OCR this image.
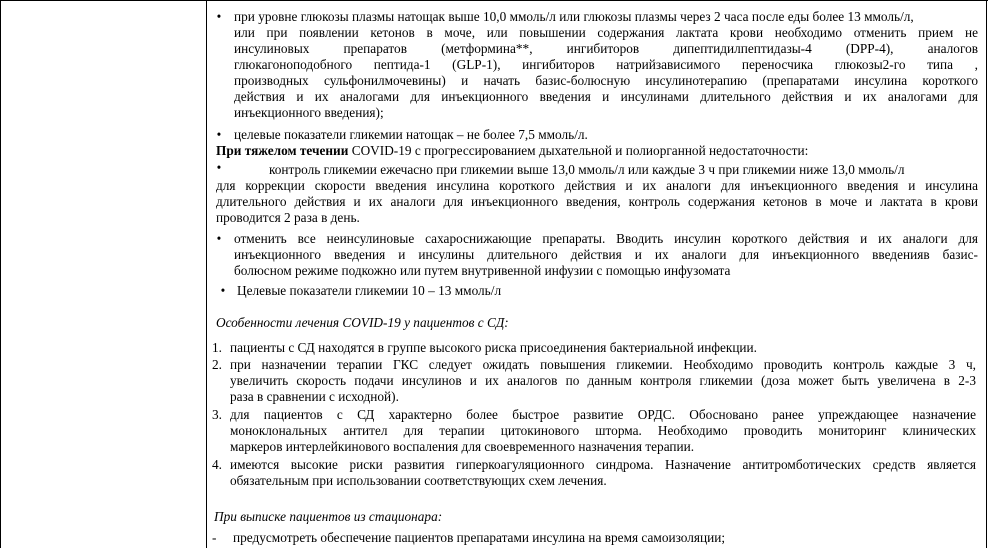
• при уровне глюкозы плазмы натощак выше 10,0 ммоль/л или глюкозы плазмы через 2 часа после еды более 13 ммоль/л,
или при появлении кетонов в моче, или повышении содержания лактата крови необходимо отменить прием не
инсулиновых препаратов (метформина**, ингибиторов дипептидилпептидазы-4 (DPP-4), аналогов
глюкагоноподобного пептида-1 (GLP-1), ингибиторов натрийзависимого переносчика глюкозы2-го типа ,
производных сульфонилмочевины) и начать базис-болюсную инсулинотерапию (препаратами инсулина короткого
действия и их аналогами для инъекционного введения и инсулинами длительного действия и их аналогами для
инъекционного введения);
• целевые показатели гликемии натощак – не более 7,5 ммоль/л.
При тяжелом течении COVID-19 с прогрессированием дыхательной и полиорганной недостаточности:
•	контроль гликемии ежечасно при гликемии выше 13,0 ммоль/л или каждые 3 ч при гликемии ниже 13,0 ммоль/л
для коррекции скорости введения инсулина короткого действия и их аналоги для инъекционного введения и инсулина
длительного действия и их аналоги для инъекционного введения, контроль содержания кетонов в моче и лактата в крови
проводится 2 раза в день.
• отменить все неинсулиновые сахароснижающие препараты. Вводить инсулин короткого действия и их аналоги для
инъекционного введения и инсулины длительного действия и их аналоги для инъекционного введенияв базис-
болюсном режиме подкожно или путем внутривенной инфузии с помощью инфузомата
• Целевые показатели гликемии 10 – 13 ммоль/л
Особенности лечения COVID-19 у пациентов с СД:
1. пациенты с СД находятся в группе высокого риска присоединения бактериальной инфекции.
2. при назначении терапии ГКС следует ожидать повышения гликемии. Необходимо проводить контроль каждые 3 ч,
увеличить скорость подачи инсулинов и их аналогов по данным контроля гликемии (доза может быть увеличена в 2-3
раза в сравнении с исходной).
3. для пациентов с СД характерно более быстрое развитие ОРДС. Обосновано ранее упреждающее назначение
моноклональных антител для терапии цитокинового шторма. Необходимо проводить мониторинг клинических
маркеров интерлейкинового воспаления для своевременного назначения терапии.
4. имеются высокие риски развития гиперкоагуляционного синдрома. Назначение антитромботических средств является
обязательным при использовании соответствующих схем лечения.
При выписке пациентов из стационара:
- предусмотреть обеспечение пациентов препаратами инсулина на время самоизоляции;
